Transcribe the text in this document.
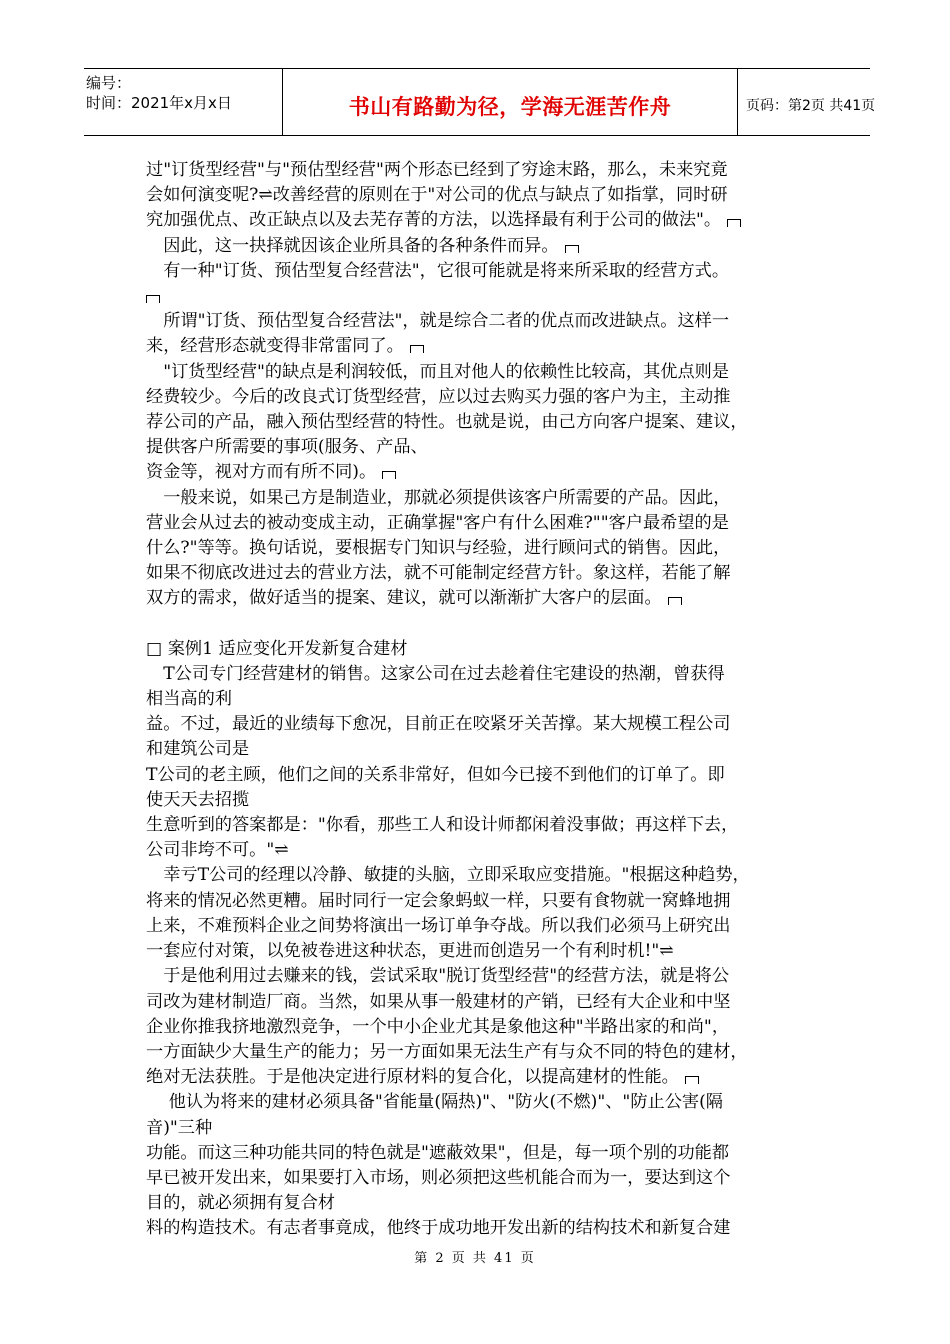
编号：
时间：2021年x月x日	书山有路勤为径，学海无涯苦作舟	页码：第2页 共41页

过"订货型经营"与"预估型经营"两个形态已经到了穷途末路，那么，未来究竟

会如何演变呢?⇌改善经营的原则在于"对公司的优点与缺点了如指掌，同时研

究加强优点、改正缺点以及去芜存菁的方法，以选择最有利于公司的做法"。

　因此，这一抉择就因该企业所具备的各种条件而异。

　有一种"订货、预估型复合经营法"，它很可能就是将来所采取的经营方式。

　所谓"订货、预估型复合经营法"，就是综合二者的优点而改进缺点。这样一

来，经营形态就变得非常雷同了。

　"订货型经营"的缺点是利润较低，而且对他人的依赖性比较高，其优点则是

经费较少。今后的改良式订货型经营，应以过去购买力强的客户为主，主动推

荐公司的产品，融入预估型经营的特性。也就是说，由己方向客户提案、建议，

提供客户所需要的事项(服务、产品、

资金等，视对方而有所不同)。

　一般来说，如果己方是制造业，那就必须提供该客户所需要的产品。因此，

营业会从过去的被动变成主动，正确掌握"客户有什么困难?""客户最希望的是

什么?"等等。换句话说，要根据专门知识与经验，进行顾问式的销售。因此，

如果不彻底改进过去的营业方法，就不可能制定经营方针。象这样，若能了解

双方的需求，做好适当的提案、建议，就可以渐渐扩大客户的层面。

□ 案例1 适应变化开发新复合建材

　T公司专门经营建材的销售。这家公司在过去趁着住宅建设的热潮，曾获得

相当高的利

益。不过，最近的业绩每下愈况，目前正在咬紧牙关苦撑。某大规模工程公司

和建筑公司是

T公司的老主顾，他们之间的关系非常好，但如今已接不到他们的订单了。即

使天天去招揽

生意听到的答案都是："你看，那些工人和设计师都闲着没事做；再这样下去，

公司非垮不可。"⇌

　幸亏T公司的经理以冷静、敏捷的头脑，立即采取应变措施。"根据这种趋势，

将来的情况必然更糟。届时同行一定会象蚂蚁一样，只要有食物就一窝蜂地拥

上来，不难预料企业之间势将演出一场订单争夺战。所以我们必须马上研究出

一套应付对策，以免被卷进这种状态，更进而创造另一个有利时机!"⇌

　于是他利用过去赚来的钱，尝试采取"脱订货型经营"的经营方法，就是将公

司改为建材制造厂商。当然，如果从事一般建材的产销，已经有大企业和中坚

企业你推我挤地激烈竞争，一个中小企业尤其是象他这种"半路出家的和尚"，

一方面缺少大量生产的能力；另一方面如果无法生产有与众不同的特色的建材，

绝对无法获胜。于是他决定进行原材料的复合化，以提高建材的性能。

　 他认为将来的建材必须具备"省能量(隔热)"、"防火(不燃)"、"防止公害(隔

音)"三种

功能。而这三种功能共同的特色就是"遮蔽效果"，但是，每一项个别的功能都

早已被开发出来，如果要打入市场，则必须把这些机能合而为一，要达到这个

目的，就必须拥有复合材

料的构造技术。有志者事竟成，他终于成功地开发出新的结构技术和新复合建

第 2 页 共 41 页
